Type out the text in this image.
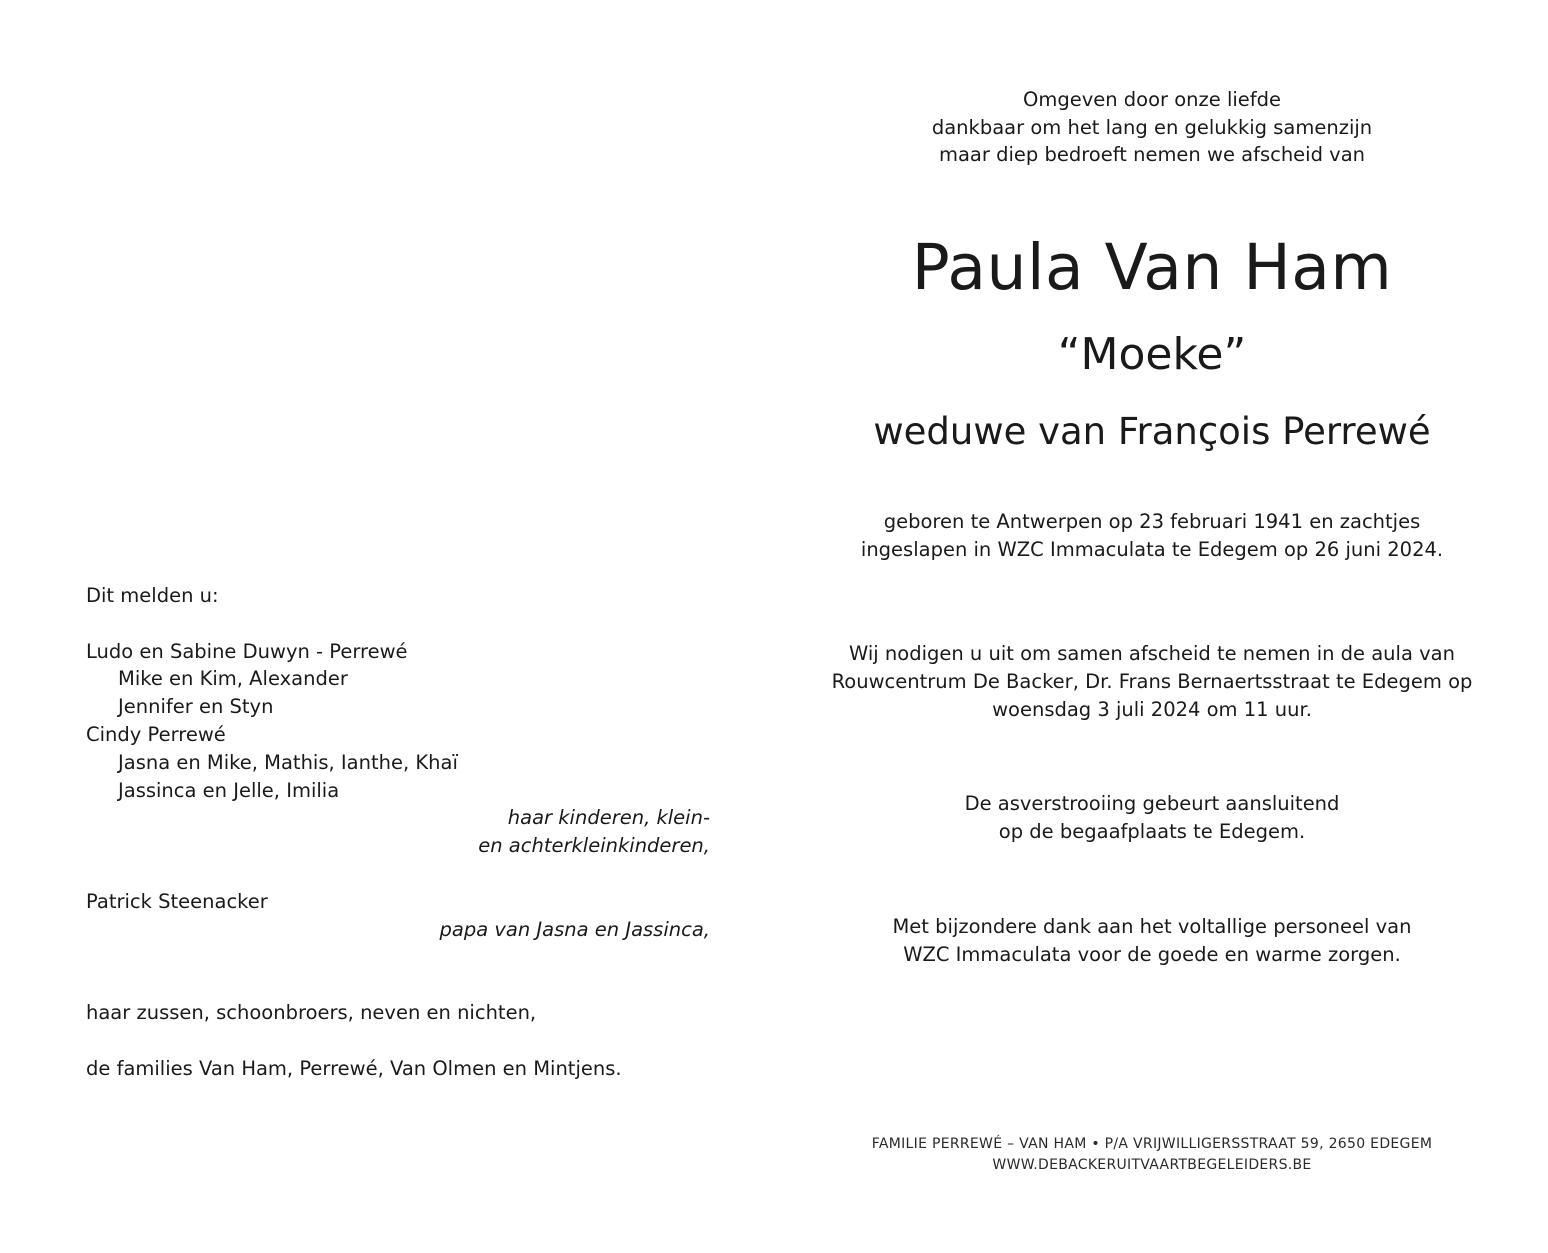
Dit melden u:
Ludo en Sabine Duwyn - Perrewé
Mike en Kim, Alexander
Jennifer en Styn
Cindy Perrewé
Jasna en Mike, Mathis, Ianthe, Khaï
Jassinca en Jelle, Imilia
haar kinderen, klein-
en achterkleinkinderen,
Patrick Steenacker
papa van Jasna en Jassinca,
haar zussen, schoonbroers, neven en nichten,
de families Van Ham, Perrewé, Van Olmen en Mintjens.
Omgeven door onze liefde
dankbaar om het lang en gelukkig samenzijn
maar diep bedroeft nemen we afscheid van
Paula Van Ham
“Moeke”
weduwe van François Perrewé
geboren te Antwerpen op 23 februari 1941 en zachtjes
ingeslapen in WZC Immaculata te Edegem op 26 juni 2024.
Wij nodigen u uit om samen afscheid te nemen in de aula van
Rouwcentrum De Backer, Dr. Frans Bernaertsstraat te Edegem op
woensdag 3 juli 2024 om 11 uur.
De asverstrooiing gebeurt aansluitend
op de begaafplaats te Edegem.
Met bijzondere dank aan het voltallige personeel van
WZC Immaculata voor de goede en warme zorgen.
FAMILIE PERREWÉ – VAN HAM • P/A VRIJWILLIGERSSTRAAT 59, 2650 EDEGEM
WWW.DEBACKERUITVAARTBEGELEIDERS.BE
